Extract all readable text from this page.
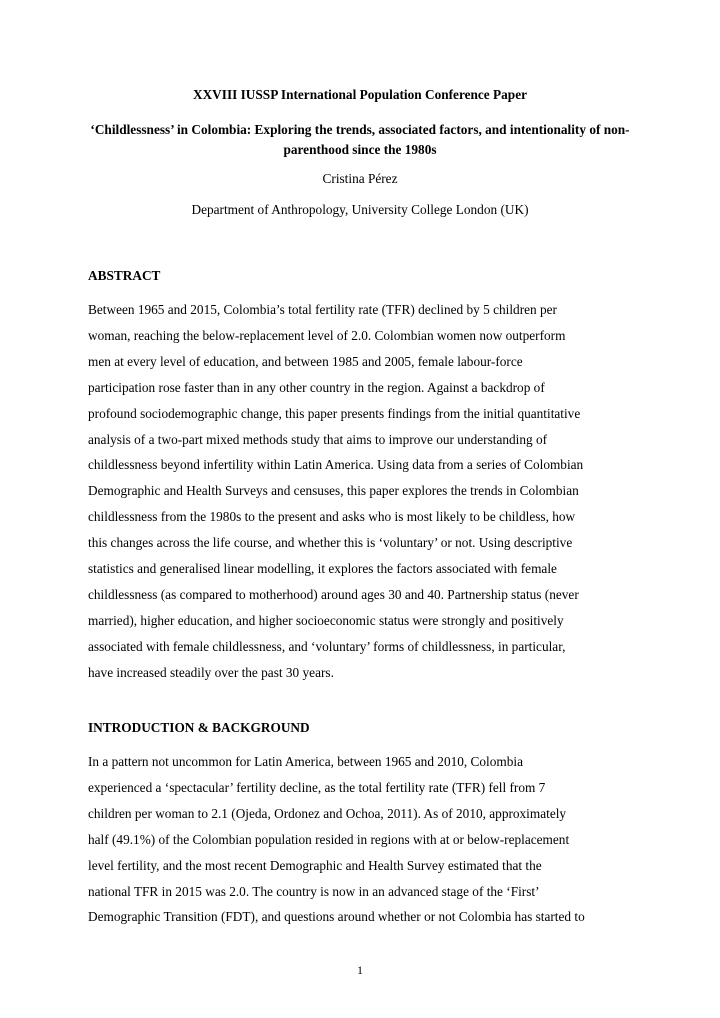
XXVIII IUSSP International Population Conference Paper
‘Childlessness’ in Colombia: Exploring the trends, associated factors, and intentionality of non-parenthood since the 1980s
Cristina Pérez
Department of Anthropology, University College London (UK)
ABSTRACT
Between 1965 and 2015, Colombia’s total fertility rate (TFR) declined by 5 children per
woman, reaching the below-replacement level of 2.0. Colombian women now outperform
men at every level of education, and between 1985 and 2005, female labour-force
participation rose faster than in any other country in the region. Against a backdrop of
profound sociodemographic change, this paper presents findings from the initial quantitative
analysis of a two-part mixed methods study that aims to improve our understanding of
childlessness beyond infertility within Latin America. Using data from a series of Colombian
Demographic and Health Surveys and censuses, this paper explores the trends in Colombian
childlessness from the 1980s to the present and asks who is most likely to be childless, how
this changes across the life course, and whether this is ‘voluntary’ or not. Using descriptive
statistics and generalised linear modelling, it explores the factors associated with female
childlessness (as compared to motherhood) around ages 30 and 40. Partnership status (never
married), higher education, and higher socioeconomic status were strongly and positively
associated with female childlessness, and ‘voluntary’ forms of childlessness, in particular,
have increased steadily over the past 30 years.
INTRODUCTION & BACKGROUND
In a pattern not uncommon for Latin America, between 1965 and 2010, Colombia
experienced a ‘spectacular’ fertility decline, as the total fertility rate (TFR) fell from 7
children per woman to 2.1 (Ojeda, Ordonez and Ochoa, 2011). As of 2010, approximately
half (49.1%) of the Colombian population resided in regions with at or below-replacement
level fertility, and the most recent Demographic and Health Survey estimated that the
national TFR in 2015 was 2.0. The country is now in an advanced stage of the ‘First’
Demographic Transition (FDT), and questions around whether or not Colombia has started to
1
